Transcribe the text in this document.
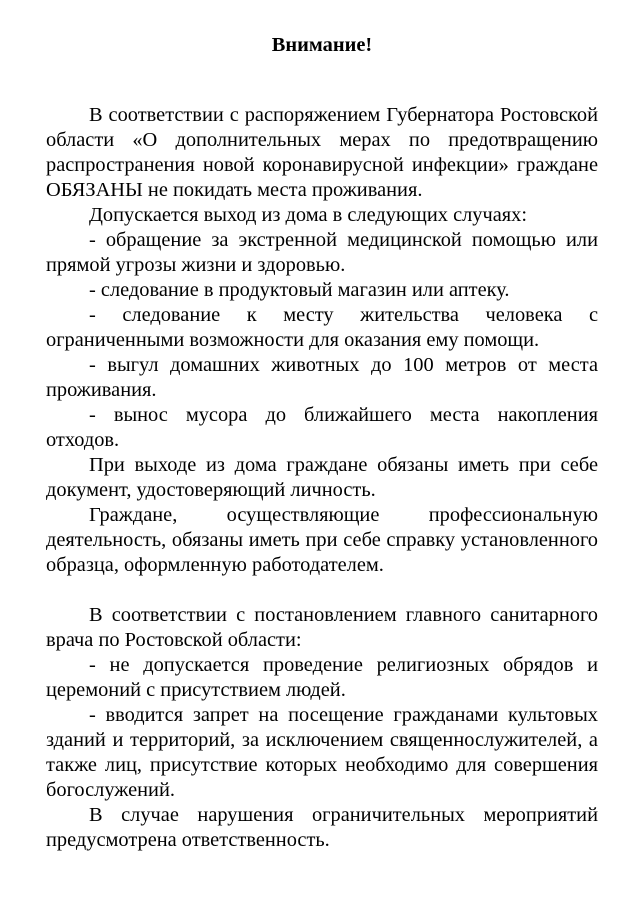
Внимание!

В соответствии с распоряжением Губернатора Ростовской области «О дополнительных мерах по предотвращению распространения новой коронавирусной инфекции» граждане ОБЯЗАНЫ не покидать места проживания.

Допускается выход из дома в следующих случаях:

- обращение за экстренной медицинской помощью или прямой угрозы жизни и здоровью.

- следование в продуктовый магазин или аптеку.

- следование к месту жительства человека с ограниченными возможности для оказания ему помощи.

- выгул домашних животных до 100 метров от места проживания.

- вынос мусора до ближайшего места накопления отходов.

При выходе из дома граждане обязаны иметь при себе документ, удостоверяющий личность.

Граждане, осуществляющие профессиональную деятельность, обязаны иметь при себе справку установленного образца, оформленную работодателем.

В соответствии с постановлением главного санитарного врача по Ростовской области:

- не допускается проведение религиозных обрядов и церемоний с присутствием людей.

- вводится запрет на посещение гражданами культовых зданий и территорий, за исключением священнослужителей, а также лиц, присутствие которых необходимо для совершения богослужений.

В случае нарушения ограничительных мероприятий предусмотрена ответственность.
